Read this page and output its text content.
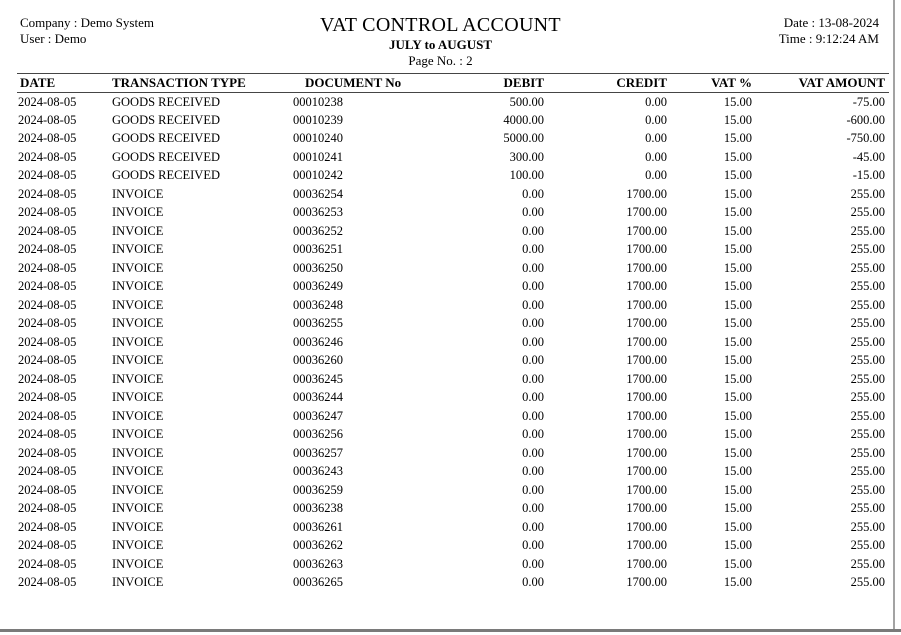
Company : Demo System
User : Demo
VAT CONTROL ACCOUNT
JULY to AUGUST
Page No. : 2
Date : 13-08-2024
Time : 9:12:24 AM
DATE	TRANSACTION TYPE	DOCUMENT No	DEBIT	CREDIT	VAT %	VAT AMOUNT
2024-08-05	GOODS RECEIVED	00010238	500.00	0.00	15.00	-75.00
2024-08-05	GOODS RECEIVED	00010239	4000.00	0.00	15.00	-600.00
2024-08-05	GOODS RECEIVED	00010240	5000.00	0.00	15.00	-750.00
2024-08-05	GOODS RECEIVED	00010241	300.00	0.00	15.00	-45.00
2024-08-05	GOODS RECEIVED	00010242	100.00	0.00	15.00	-15.00
2024-08-05	INVOICE	00036254	0.00	1700.00	15.00	255.00
2024-08-05	INVOICE	00036253	0.00	1700.00	15.00	255.00
2024-08-05	INVOICE	00036252	0.00	1700.00	15.00	255.00
2024-08-05	INVOICE	00036251	0.00	1700.00	15.00	255.00
2024-08-05	INVOICE	00036250	0.00	1700.00	15.00	255.00
2024-08-05	INVOICE	00036249	0.00	1700.00	15.00	255.00
2024-08-05	INVOICE	00036248	0.00	1700.00	15.00	255.00
2024-08-05	INVOICE	00036255	0.00	1700.00	15.00	255.00
2024-08-05	INVOICE	00036246	0.00	1700.00	15.00	255.00
2024-08-05	INVOICE	00036260	0.00	1700.00	15.00	255.00
2024-08-05	INVOICE	00036245	0.00	1700.00	15.00	255.00
2024-08-05	INVOICE	00036244	0.00	1700.00	15.00	255.00
2024-08-05	INVOICE	00036247	0.00	1700.00	15.00	255.00
2024-08-05	INVOICE	00036256	0.00	1700.00	15.00	255.00
2024-08-05	INVOICE	00036257	0.00	1700.00	15.00	255.00
2024-08-05	INVOICE	00036243	0.00	1700.00	15.00	255.00
2024-08-05	INVOICE	00036259	0.00	1700.00	15.00	255.00
2024-08-05	INVOICE	00036238	0.00	1700.00	15.00	255.00
2024-08-05	INVOICE	00036261	0.00	1700.00	15.00	255.00
2024-08-05	INVOICE	00036262	0.00	1700.00	15.00	255.00
2024-08-05	INVOICE	00036263	0.00	1700.00	15.00	255.00
2024-08-05	INVOICE	00036265	0.00	1700.00	15.00	255.00
